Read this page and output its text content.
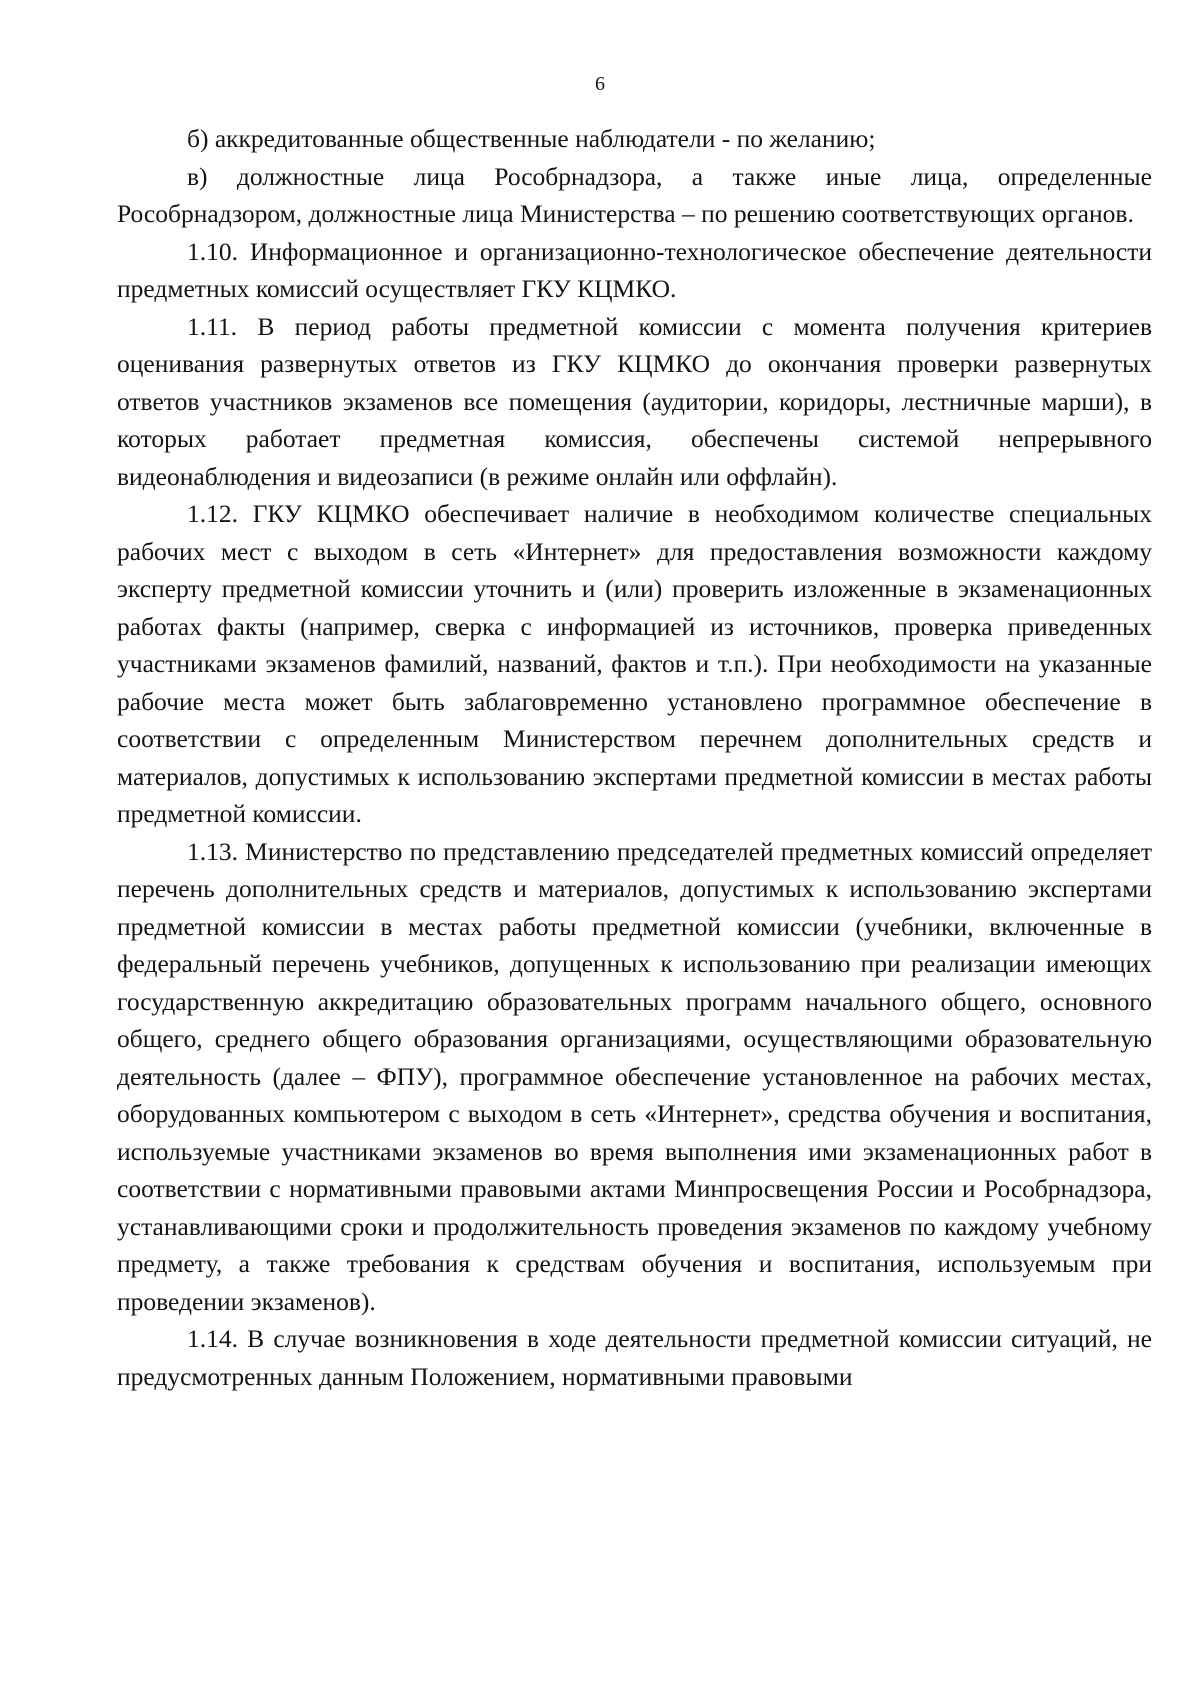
6

б) аккредитованные общественные наблюдатели - по желанию;

в) должностные лица Рособрнадзора, а также иные лица, определенные Рособрнадзором, должностные лица Министерства – по решению соответствующих органов.

1.10. Информационное и организационно-технологическое обеспечение деятельности предметных комиссий осуществляет ГКУ КЦМКО.

1.11. В период работы предметной комиссии с момента получения критериев оценивания развернутых ответов из ГКУ КЦМКО до окончания проверки развернутых ответов участников экзаменов все помещения (аудитории, коридоры, лестничные марши), в которых работает предметная комиссия, обеспечены системой непрерывного видеонаблюдения и видеозаписи (в режиме онлайн или оффлайн).

1.12. ГКУ КЦМКО обеспечивает наличие в необходимом количестве специальных рабочих мест с выходом в сеть «Интернет» для предоставления возможности каждому эксперту предметной комиссии уточнить и (или) проверить изложенные в экзаменационных работах факты (например, сверка с информацией из источников, проверка приведенных участниками экзаменов фамилий, названий, фактов и т.п.). При необходимости на указанные рабочие места может быть заблаговременно установлено программное обеспечение в соответствии с определенным Министерством перечнем дополнительных средств и материалов, допустимых к использованию экспертами предметной комиссии в местах работы предметной комиссии.

1.13. Министерство по представлению председателей предметных комиссий определяет перечень дополнительных средств и материалов, допустимых к использованию экспертами предметной комиссии в местах работы предметной комиссии (учебники, включенные в федеральный перечень учебников, допущенных к использованию при реализации имеющих государственную аккредитацию образовательных программ начального общего, основного общего, среднего общего образования организациями, осуществляющими образовательную деятельность (далее – ФПУ), программное обеспечение установленное на рабочих местах, оборудованных компьютером с выходом в сеть «Интернет», средства обучения и воспитания, используемые участниками экзаменов во время выполнения ими экзаменационных работ в соответствии с нормативными правовыми актами Минпросвещения России и Рособрнадзора, устанавливающими сроки и продолжительность проведения экзаменов по каждому учебному предмету, а также требования к средствам обучения и воспитания, используемым при проведении экзаменов).

1.14. В случае возникновения в ходе деятельности предметной комиссии ситуаций, не предусмотренных данным Положением, нормативными правовыми
